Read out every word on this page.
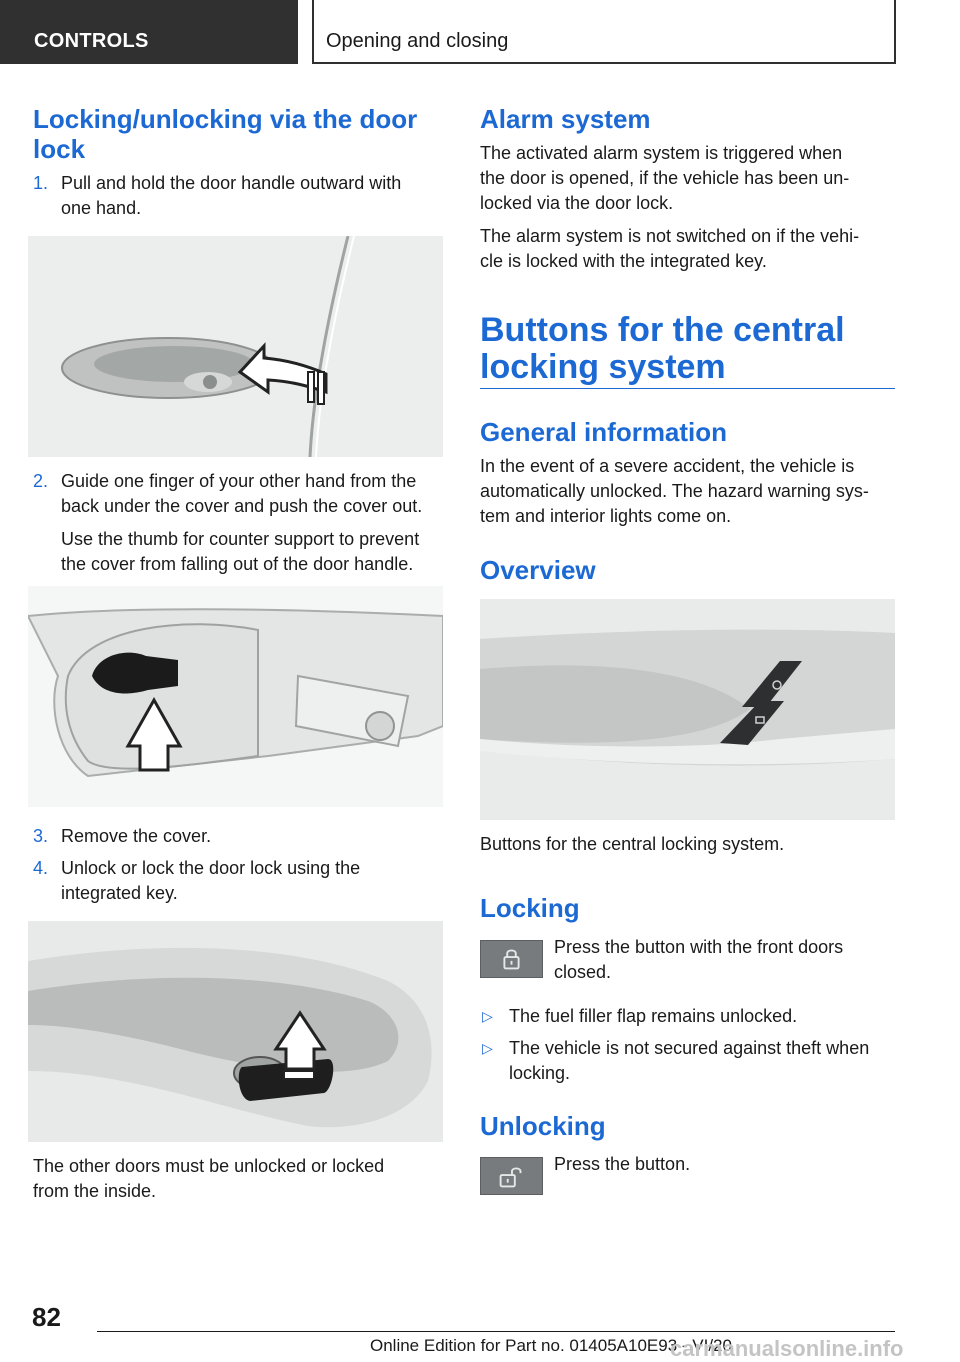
CONTROLS	Opening and closing
Locking/unlocking via the door
lock
1. Pull and hold the door handle outward with
one hand.
2. Guide one finger of your other hand from the
back under the cover and push the cover out.
Use the thumb for counter support to prevent
the cover from falling out of the door handle.
3. Remove the cover.
4. Unlock or lock the door lock using the
integrated key.
The other doors must be unlocked or locked
from the inside.
Alarm system
The activated alarm system is triggered when
the door is opened, if the vehicle has been un-
locked via the door lock.
The alarm system is not switched on if the vehi-
cle is locked with the integrated key.
Buttons for the central
locking system
General information
In the event of a severe accident, the vehicle is
automatically unlocked. The hazard warning sys-
tem and interior lights come on.
Overview
Buttons for the central locking system.
Locking
Press the button with the front doors
closed.
▷ The fuel filler flap remains unlocked.
▷ The vehicle is not secured against theft when
locking.
Unlocking
Press the button.
82
Online Edition for Part no. 01405A10E93 - VI/20
carmanualsonline.info
